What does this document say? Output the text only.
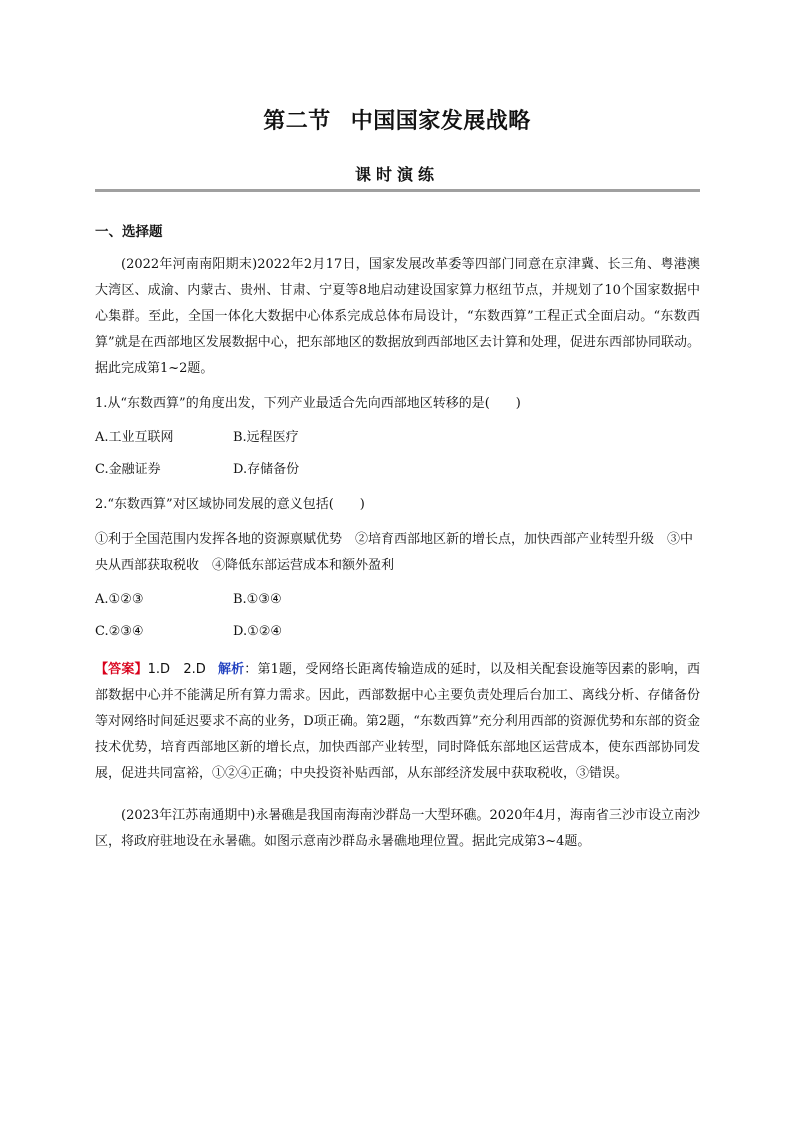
第二节 中国国家发展战略
课时演练

一、选择题

(2022年河南南阳期末)2022年2月17日，国家发展改革委等四部门同意在京津冀、长三角、粤港澳大湾区、成渝、内蒙古、贵州、甘肃、宁夏等8地启动建设国家算力枢纽节点，并规划了10个国家数据中心集群。至此，全国一体化大数据中心体系完成总体布局设计，“东数西算”工程正式全面启动。“东数西算”就是在西部地区发展数据中心，把东部地区的数据放到西部地区去计算和处理，促进东西部协同联动。据此完成第1~2题。

1.从“东数西算”的角度出发，下列产业最适合先向西部地区转移的是(　　)

A.工业互联网	B.远程医疗
C.金融证券	D.存储备份

2.“东数西算”对区域协同发展的意义包括(　　)

①利于全国范围内发挥各地的资源禀赋优势　②培育西部地区新的增长点，加快西部产业转型升级　③中央从西部获取税收　④降低东部运营成本和额外盈利

A.①②③	B.①③④
C.②③④	D.①②④

【答案】1.D　2.D 解析：第1题，受网络长距离传输造成的延时，以及相关配套设施等因素的影响，西部数据中心并不能满足所有算力需求。因此，西部数据中心主要负责处理后台加工、离线分析、存储备份等对网络时间延迟要求不高的业务，D项正确。第2题，“东数西算”充分利用西部的资源优势和东部的资金技术优势，培育西部地区新的增长点，加快西部产业转型，同时降低东部地区运营成本，使东西部协同发展，促进共同富裕，①②④正确；中央投资补贴西部，从东部经济发展中获取税收，③错误。

(2023年江苏南通期中)永暑礁是我国南海南沙群岛一大型环礁。2020年4月，海南省三沙市设立南沙区，将政府驻地设在永暑礁。如图示意南沙群岛永暑礁地理位置。据此完成第3~4题。
